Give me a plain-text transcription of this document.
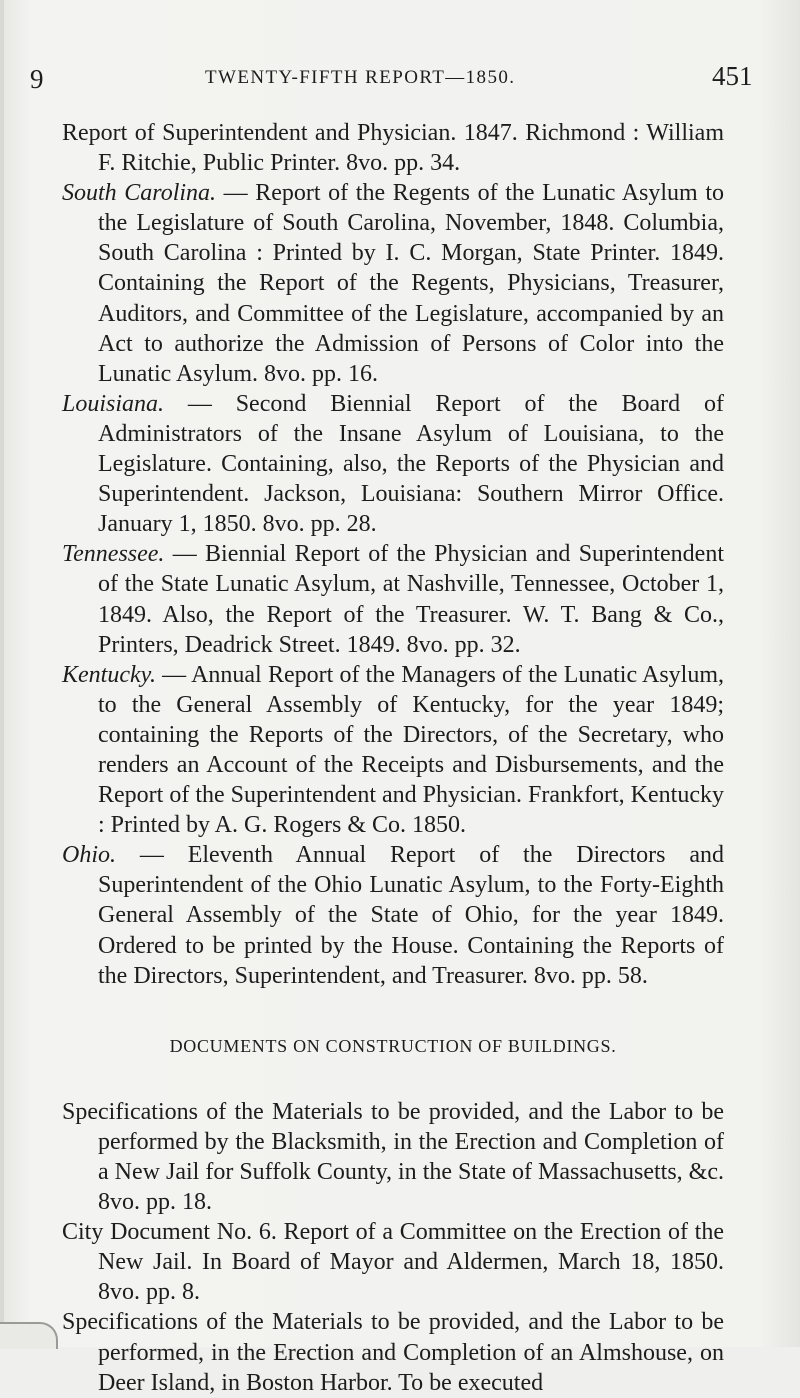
9	TWENTY-FIFTH REPORT—1850.	451

Report of Superintendent and Physician. 1847. Richmond : William F. Ritchie, Public Printer. 8vo. pp. 34.

South Carolina. — Report of the Regents of the Lunatic Asylum to the Legislature of South Carolina, November, 1848. Columbia, South Carolina : Printed by I. C. Morgan, State Printer. 1849. Containing the Report of the Regents, Physicians, Treasurer, Auditors, and Committee of the Legislature, accompanied by an Act to authorize the Admission of Persons of Color into the Lunatic Asylum. 8vo. pp. 16.

Louisiana. — Second Biennial Report of the Board of Administrators of the Insane Asylum of Louisiana, to the Legislature. Containing, also, the Reports of the Physician and Superintendent. Jackson, Louisiana: Southern Mirror Office. January 1, 1850. 8vo. pp. 28.

Tennessee. — Biennial Report of the Physician and Superintendent of the State Lunatic Asylum, at Nashville, Tennessee, October 1, 1849. Also, the Report of the Treasurer. W. T. Bang & Co., Printers, Deadrick Street. 1849. 8vo. pp. 32.

Kentucky. — Annual Report of the Managers of the Lunatic Asylum, to the General Assembly of Kentucky, for the year 1849; containing the Reports of the Directors, of the Secretary, who renders an Account of the Receipts and Disbursements, and the Report of the Superintendent and Physician. Frankfort, Kentucky : Printed by A. G. Rogers & Co. 1850.

Ohio. — Eleventh Annual Report of the Directors and Superintendent of the Ohio Lunatic Asylum, to the Forty-Eighth General Assembly of the State of Ohio, for the year 1849. Ordered to be printed by the House. Containing the Reports of the Directors, Superintendent, and Treasurer. 8vo. pp. 58.

DOCUMENTS ON CONSTRUCTION OF BUILDINGS.

Specifications of the Materials to be provided, and the Labor to be performed by the Blacksmith, in the Erection and Completion of a New Jail for Suffolk County, in the State of Massachusetts, &c. 8vo. pp. 18.

City Document No. 6. Report of a Committee on the Erection of the New Jail. In Board of Mayor and Aldermen, March 18, 1850. 8vo. pp. 8.

Specifications of the Materials to be provided, and the Labor to be performed, in the Erection and Completion of an Almshouse, on Deer Island, in Boston Harbor. To be executed
